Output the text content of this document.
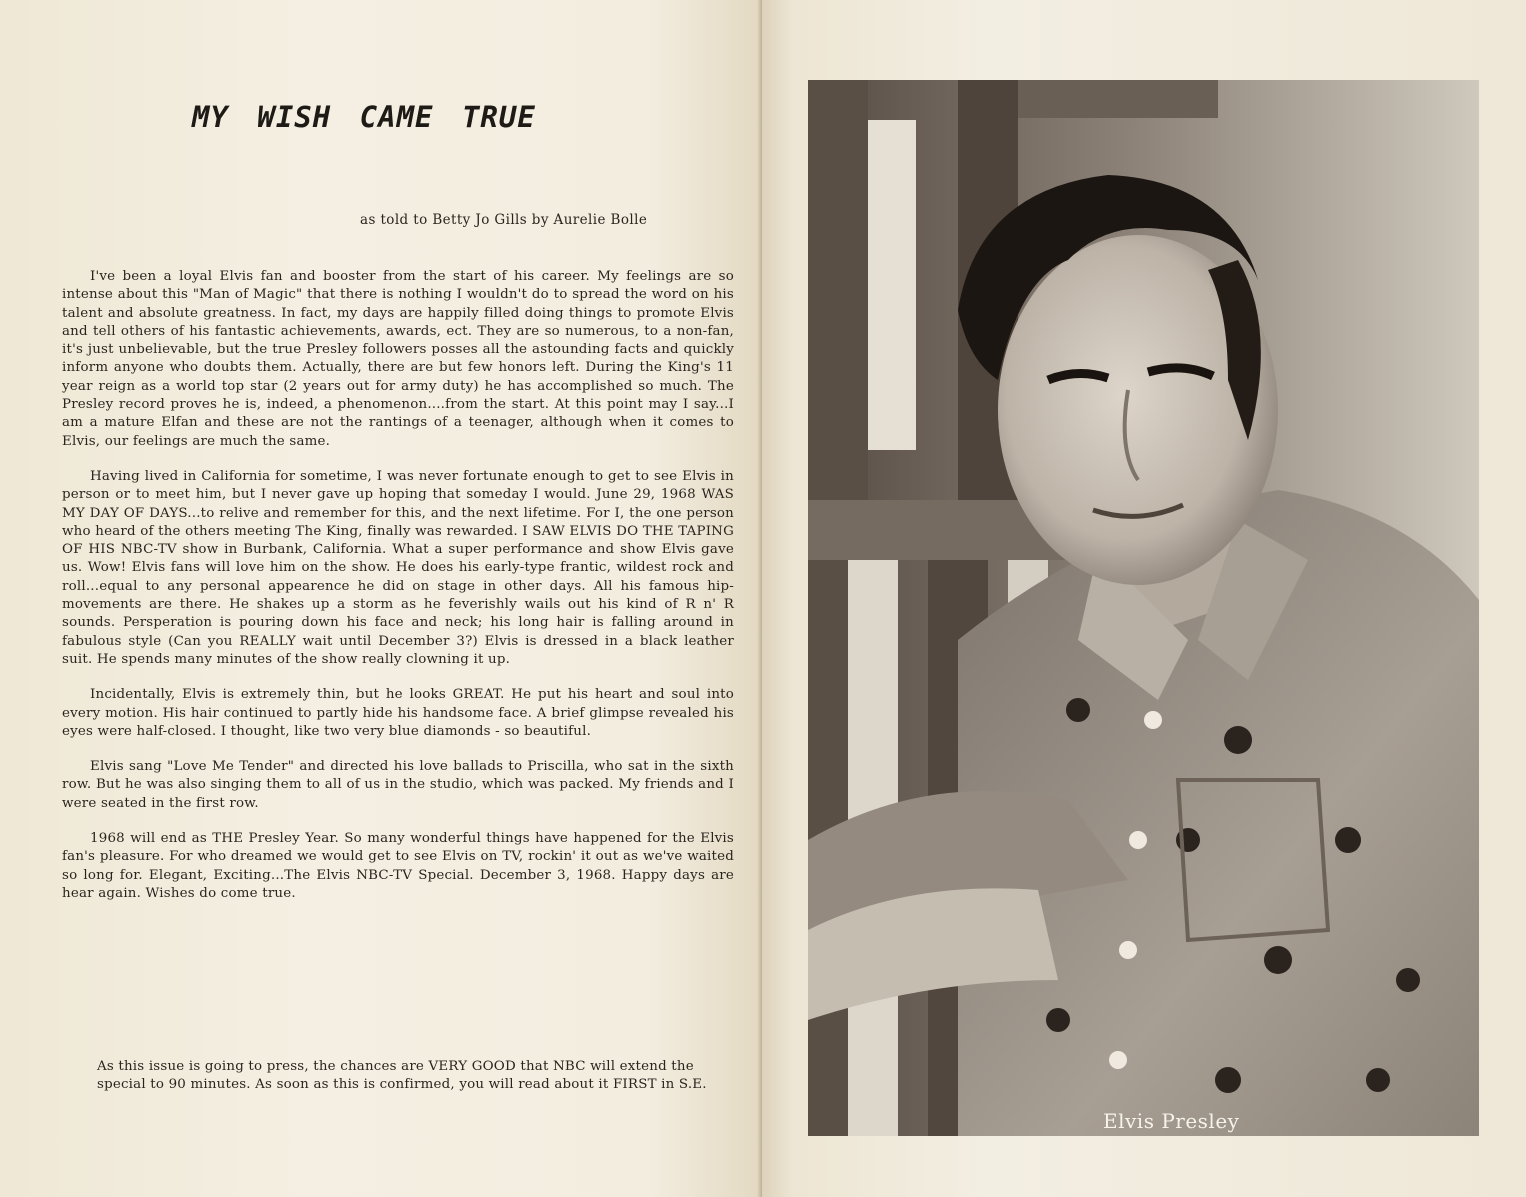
MY WISH CAME TRUE
as told to Betty Jo Gills by Aurelie Bolle

I've been a loyal Elvis fan and booster from the start of his career. My feelings are so intense about this "Man of Magic" that there is nothing I wouldn't do to spread the word on his talent and absolute greatness. In fact, my days are happily filled doing things to promote Elvis and tell others of his fantastic achievements, awards, ect. They are so numerous, to a non-fan, it's just unbelievable, but the true Presley followers posses all the astounding facts and quickly inform anyone who doubts them. Actually, there are but few honors left. During the King's 11 year reign as a world top star (2 years out for army duty) he has accomplished so much. The Presley record proves he is, indeed, a phenomenon....from the start. At this point may I say...I am a mature Elfan and these are not the rantings of a teenager, although when it comes to Elvis, our feelings are much the same.

Having lived in California for sometime, I was never fortunate enough to get to see Elvis in person or to meet him, but I never gave up hoping that someday I would. June 29, 1968 WAS MY DAY OF DAYS...to relive and remember for this, and the next lifetime. For I, the one person who heard of the others meeting The King, finally was rewarded. I SAW ELVIS DO THE TAPING OF HIS NBC-TV show in Burbank, California. What a super performance and show Elvis gave us. Wow! Elvis fans will love him on the show. He does his early-type frantic, wildest rock and roll...equal to any personal appearence he did on stage in other days. All his famous hip-movements are there. He shakes up a storm as he feverishly wails out his kind of R n' R sounds. Persperation is pouring down his face and neck; his long hair is falling around in fabulous style (Can you REALLY wait until December 3?) Elvis is dressed in a black leather suit. He spends many minutes of the show really clowning it up.

Incidentally, Elvis is extremely thin, but he looks GREAT. He put his heart and soul into every motion. His hair continued to partly hide his handsome face. A brief glimpse revealed his eyes were half-closed. I thought, like two very blue diamonds - so beautiful.

Elvis sang "Love Me Tender" and directed his love ballads to Priscilla, who sat in the sixth row. But he was also singing them to all of us in the studio, which was packed. My friends and I were seated in the first row.

1968 will end as THE Presley Year. So many wonderful things have happened for the Elvis fan's pleasure. For who dreamed we would get to see Elvis on TV, rockin' it out as we've waited so long for. Elegant, Exciting...The Elvis NBC-TV Special. December 3, 1968. Happy days are hear again. Wishes do come true.

As this issue is going to press, the chances are VERY GOOD that NBC will extend the special to 90 minutes. As soon as this is confirmed, you will read about it FIRST in S.E.
Elvis Presley
